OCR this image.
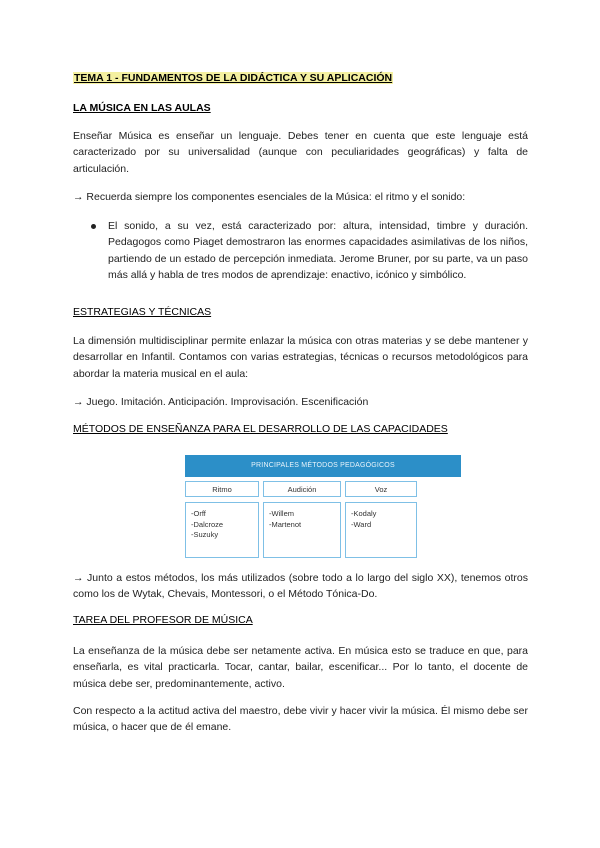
TEMA 1 - FUNDAMENTOS DE LA DIDÁCTICA Y SU APLICACIÓN
LA MÚSICA EN LAS AULAS
Enseñar Música es enseñar un lenguaje. Debes tener en cuenta que este lenguaje está caracterizado por su universalidad (aunque con peculiaridades geográficas) y falta de articulación.
→ Recuerda siempre los componentes esenciales de la Música: el ritmo y el sonido:
El sonido, a su vez, está caracterizado por: altura, intensidad, timbre y duración. Pedagogos como Piaget demostraron las enormes capacidades asimilativas de los niños, partiendo de un estado de percepción inmediata. Jerome Bruner, por su parte, va un paso más allá y habla de tres modos de aprendizaje: enactivo, icónico y simbólico.
ESTRATEGIAS Y TÉCNICAS
La dimensión multidisciplinar permite enlazar la música con otras materias y se debe mantener y desarrollar en Infantil. Contamos con varias estrategias, técnicas o recursos metodológicos para abordar la materia musical en el aula:
→ Juego. Imitación. Anticipación. Improvisación. Escenificación
MÉTODOS DE ENSEÑANZA PARA EL DESARROLLO DE LAS CAPACIDADES
PRINCIPALES MÉTODOS PEDAGÓGICOS
Ritmo	Audición	Voz
-Orff
-Dalcroze
-Suzuky
-Willem
-Martenot
-Kodaly
-Ward
→ Junto a estos métodos, los más utilizados (sobre todo a lo largo del siglo XX), tenemos otros como los de Wytak, Chevais, Montessori, o el Método Tónica-Do.
TAREA DEL PROFESOR DE MÚSICA
La enseñanza de la música debe ser netamente activa. En música esto se traduce en que, para enseñarla, es vital practicarla. Tocar, cantar, bailar, escenificar... Por lo tanto, el docente de música debe ser, predominantemente, activo.
Con respecto a la actitud activa del maestro, debe vivir y hacer vivir la música. Él mismo debe ser música, o hacer que de él emane.
